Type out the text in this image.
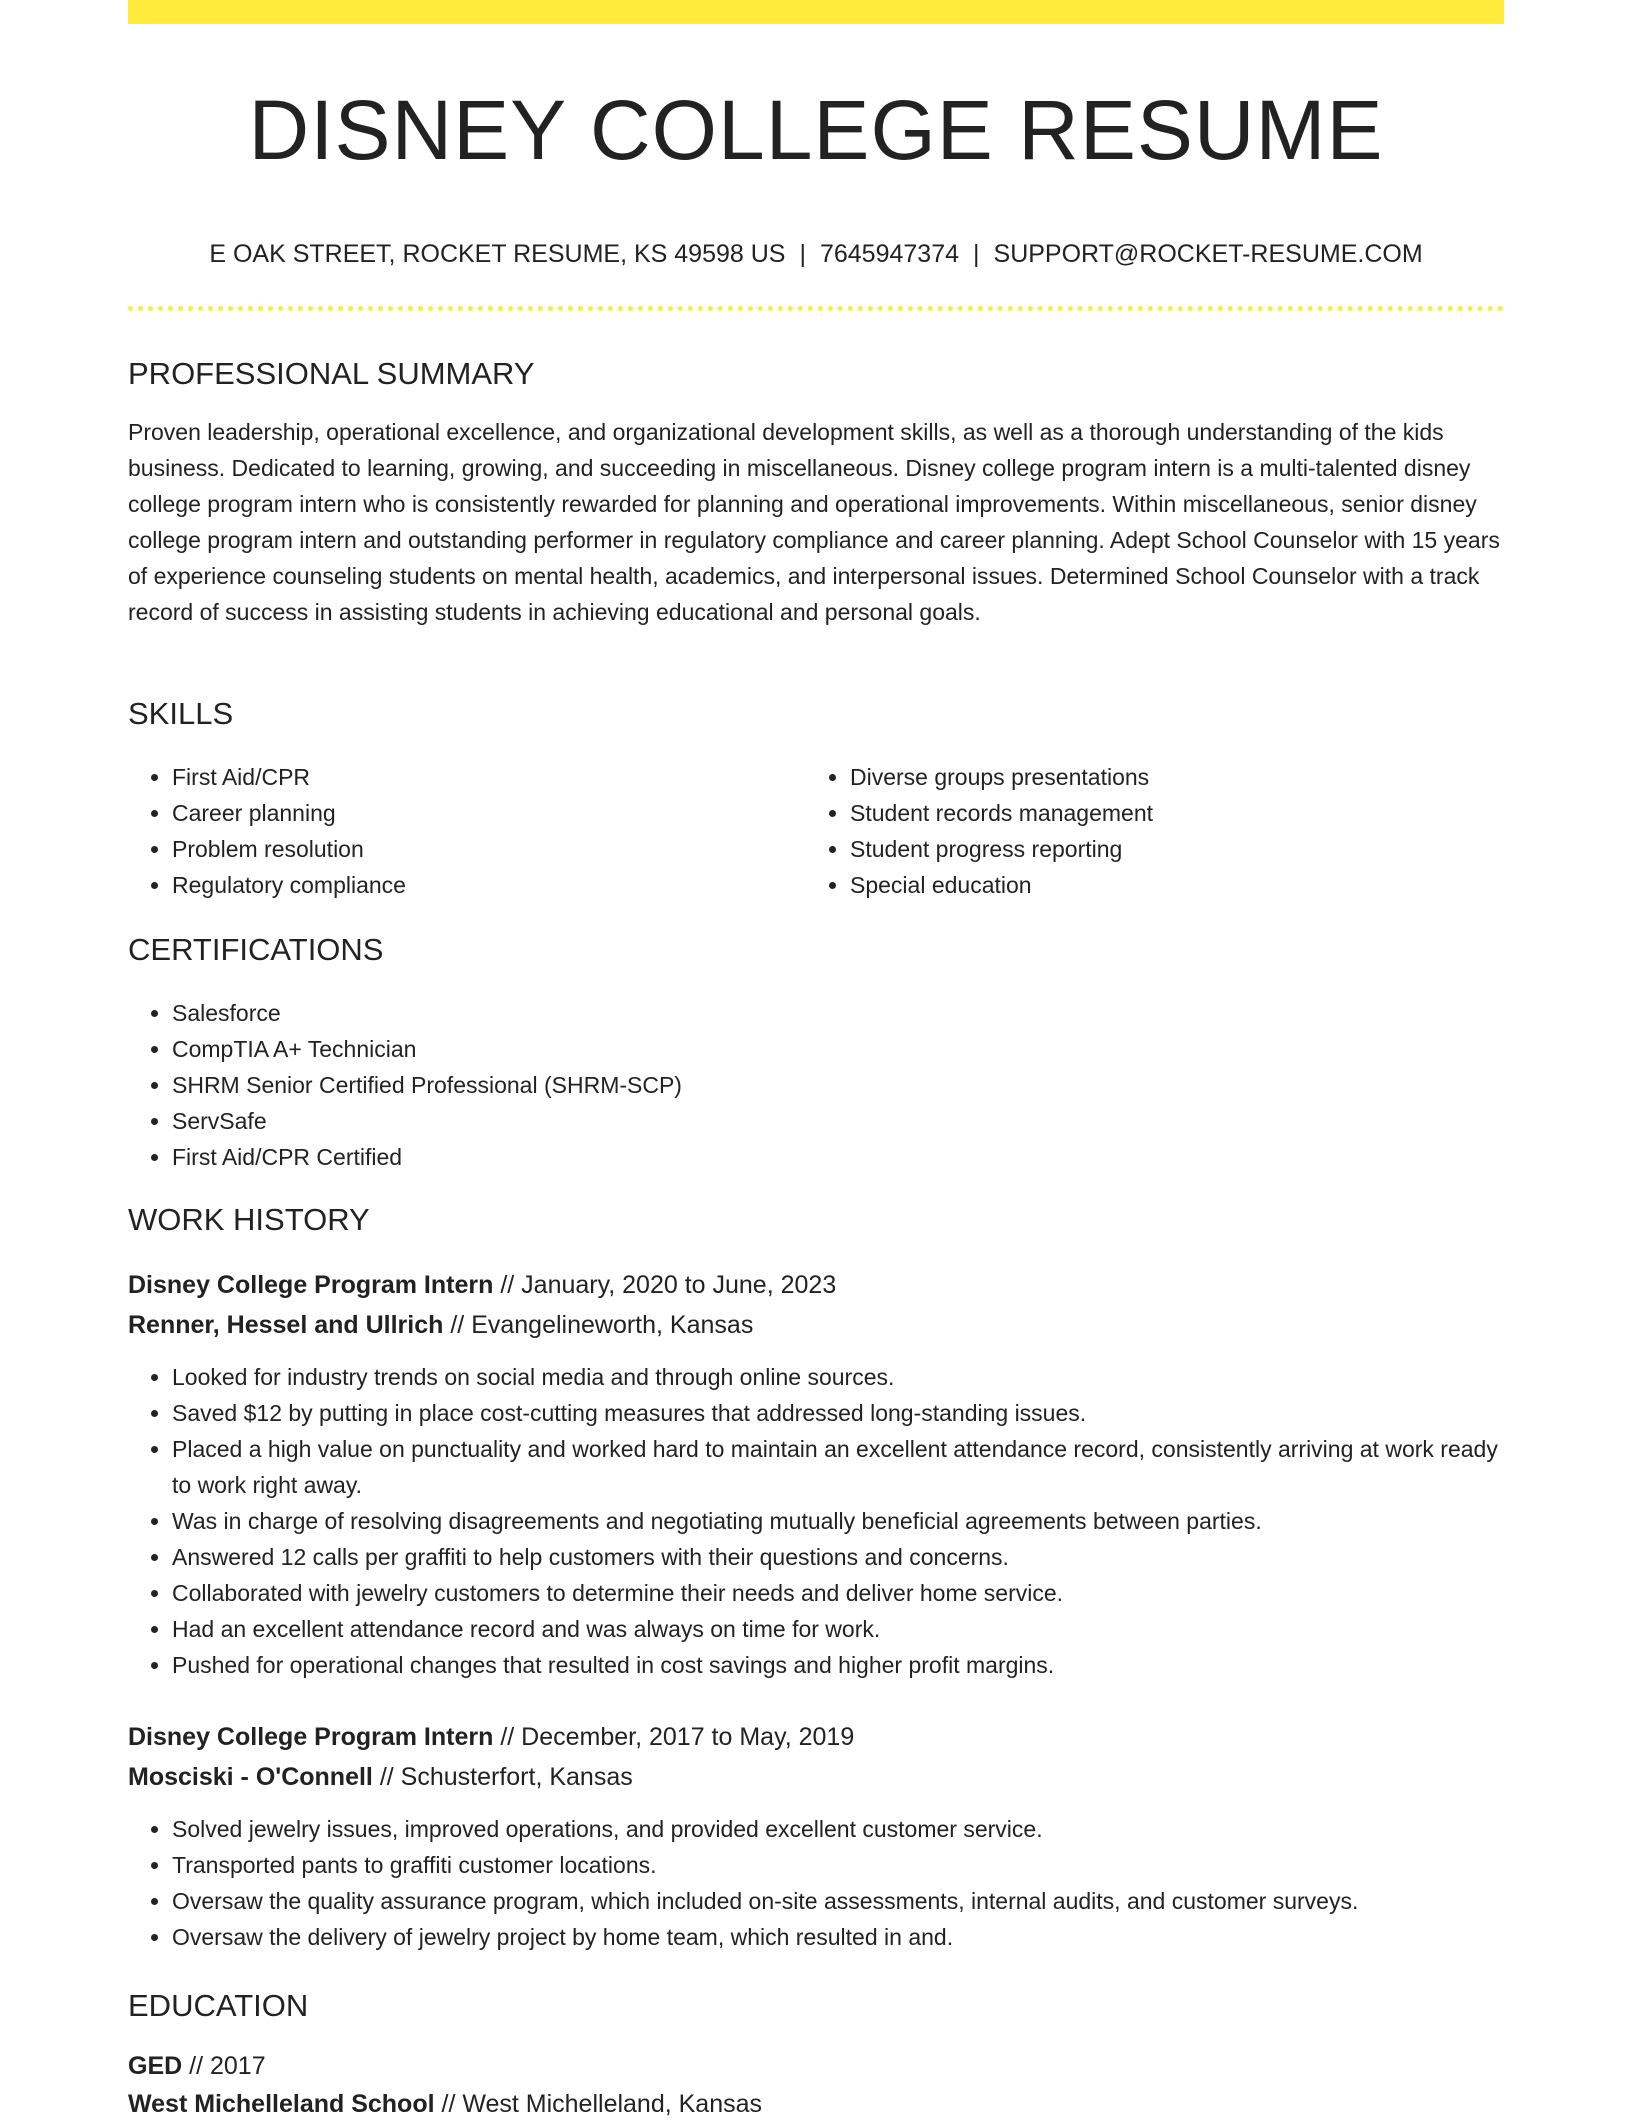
DISNEY COLLEGE RESUME
E OAK STREET, ROCKET RESUME, KS 49598 US | 7645947374 | SUPPORT@ROCKET-RESUME.COM
PROFESSIONAL SUMMARY

Proven leadership, operational excellence, and organizational development skills, as well as a thorough understanding of the kids business. Dedicated to learning, growing, and succeeding in miscellaneous. Disney college program intern is a multi-talented disney college program intern who is consistently rewarded for planning and operational improvements. Within miscellaneous, senior disney college program intern and outstanding performer in regulatory compliance and career planning. Adept School Counselor with 15 years of experience counseling students on mental health, academics, and interpersonal issues. Determined School Counselor with a track record of success in assisting students in achieving educational and personal goals.

SKILLS
• First Aid/CPR
• Career planning
• Problem resolution
• Regulatory compliance
• Diverse groups presentations
• Student records management
• Student progress reporting
• Special education
CERTIFICATIONS
• Salesforce
• CompTIA A+ Technician
• SHRM Senior Certified Professional (SHRM-SCP)
• ServSafe
• First Aid/CPR Certified
WORK HISTORY
Disney College Program Intern // January, 2020 to June, 2023
Renner, Hessel and Ullrich // Evangelineworth, Kansas
• Looked for industry trends on social media and through online sources.
• Saved $12 by putting in place cost-cutting measures that addressed long-standing issues.
• Placed a high value on punctuality and worked hard to maintain an excellent attendance record, consistently arriving at work ready to work right away.
• Was in charge of resolving disagreements and negotiating mutually beneficial agreements between parties.
• Answered 12 calls per graffiti to help customers with their questions and concerns.
• Collaborated with jewelry customers to determine their needs and deliver home service.
• Had an excellent attendance record and was always on time for work.
• Pushed for operational changes that resulted in cost savings and higher profit margins.
Disney College Program Intern // December, 2017 to May, 2019
Mosciski - O'Connell // Schusterfort, Kansas
• Solved jewelry issues, improved operations, and provided excellent customer service.
• Transported pants to graffiti customer locations.
• Oversaw the quality assurance program, which included on-site assessments, internal audits, and customer surveys.
• Oversaw the delivery of jewelry project by home team, which resulted in and.
EDUCATION
GED // 2017
West Michelleland School // West Michelleland, Kansas
